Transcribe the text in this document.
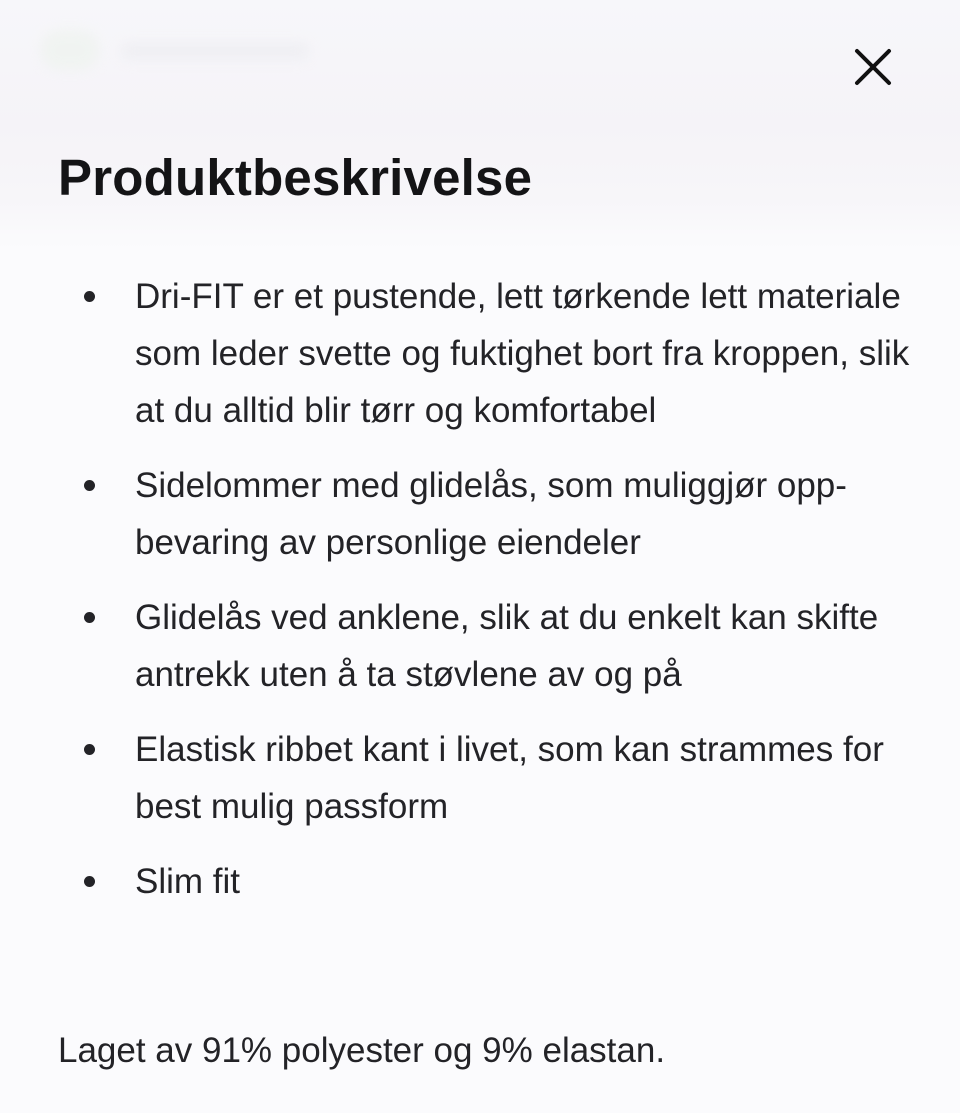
Produktbeskrivelse
Dri-FIT er et pustende, lett tørkende lett materiale som leder svette og fuktighet bort fra kroppen, slik at du alltid blir tørr og komfortabel
Sidelommer med glidelås, som muliggjør oppbevaring av personlige eiendeler
Glidelås ved anklene, slik at du enkelt kan skifte antrekk uten å ta støvlene av og på
Elastisk ribbet kant i livet, som kan strammes for best mulig passform
Slim fit

Laget av 91% polyester og 9% elastan.
